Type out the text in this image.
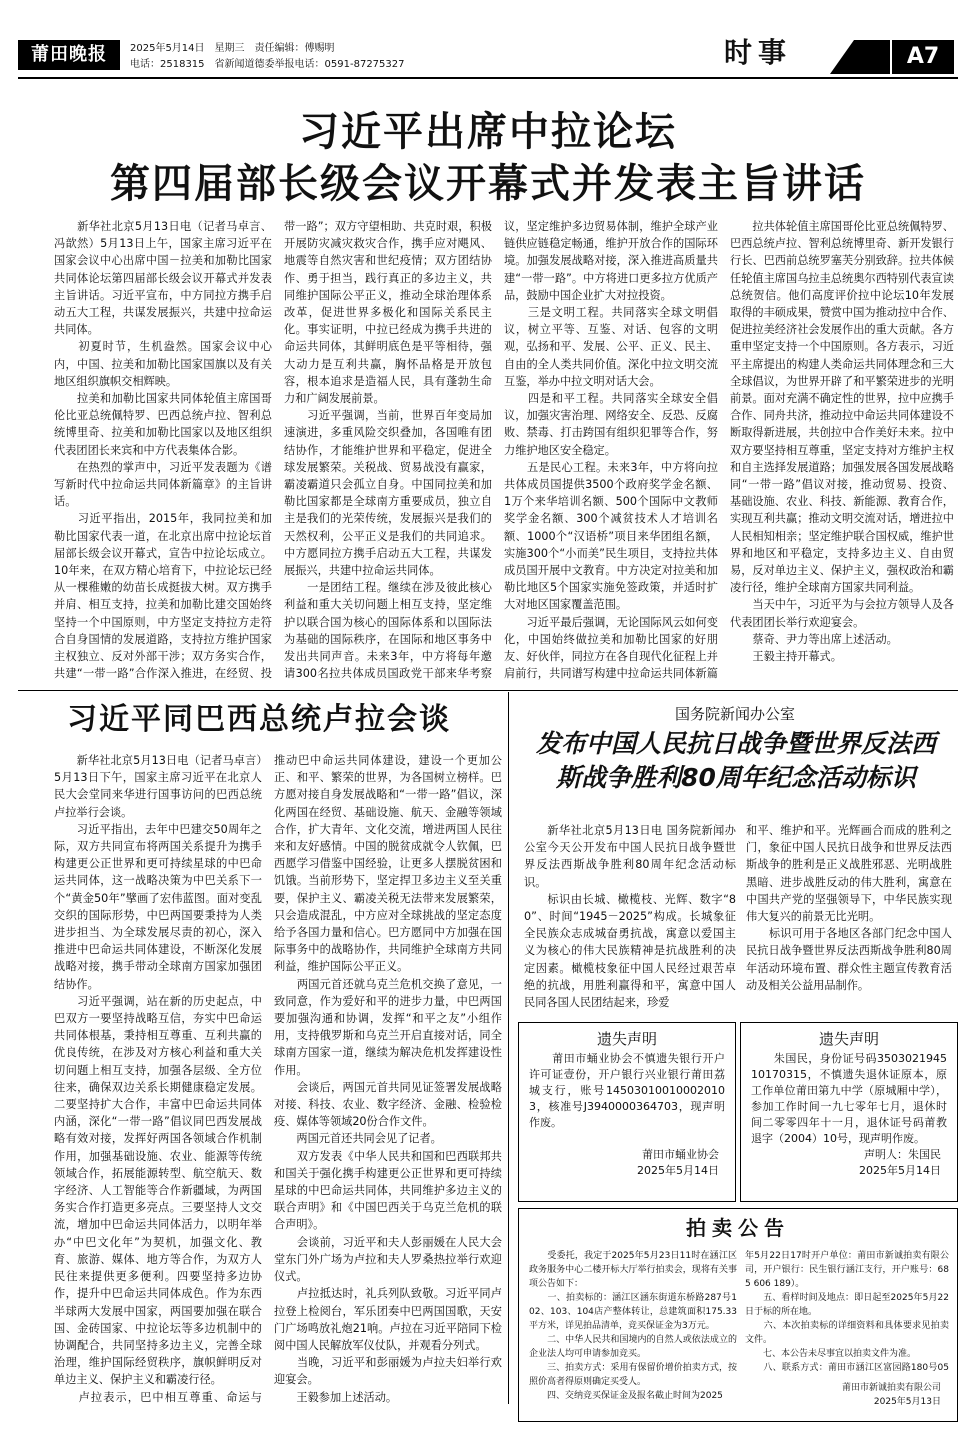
莆田晚报	2025年5月14日　星期三　责任编辑：傅赐明
电话：2518315　省新闻道德委举报电话：0591-87275327	时事	A7
习近平出席中拉论坛
第四届部长级会议开幕式并发表主旨讲话
　　新华社北京5月13日电（记者马卓言、冯歆然）5月13日上午，国家主席习近平在国家会议中心出席中国－拉美和加勒比国家共同体论坛第四届部长级会议开幕式并发表主旨讲话。习近平宣布，中方同拉方携手启动五大工程，共谋发展振兴，共建中拉命运共同体。
　　初夏时节，生机盎然。国家会议中心内，中国、拉美和加勒比国家国旗以及有关地区组织旗帜交相辉映。
　　拉美和加勒比国家共同体轮值主席国哥伦比亚总统佩特罗、巴西总统卢拉、智利总统博里奇、拉美和加勒比国家以及地区组织代表团团长来宾和中方代表集体合影。
　　在热烈的掌声中，习近平发表题为《谱写新时代中拉命运共同体新篇章》的主旨讲话。
　　习近平指出，2015年，我同拉美和加勒比国家代表一道，在北京出席中拉论坛首届部长级会议开幕式，宣告中拉论坛成立。10年来，在双方精心培育下，中拉论坛已经从一棵稚嫩的幼苗长成挺拔大树。双方携手并肩、相互支持，拉美和加勒比建交国始终坚持一个中国原则，中方坚定支持拉方走符合自身国情的发展道路，支持拉方维护国家主权独立、反对外部干涉；双方务实合作，共建“一带一路”合作深入推进，在经贸、投
带一路”；双方守望相助、共克时艰，积极开展防灾减灾救灾合作，携手应对飓风、地震等自然灾害和世纪疫情；双方团结协作、勇于担当，践行真正的多边主义，共同维护国际公平正义，推动全球治理体系改革，促进世界多极化和国际关系民主化。事实证明，中拉已经成为携手共进的命运共同体，其鲜明底色是平等相待，强大动力是互利共赢，胸怀品格是开放包容，根本追求是造福人民，具有蓬勃生命力和广阔发展前景。
　　习近平强调，当前，世界百年变局加速演进，多重风险交织叠加，各国唯有团结协作，才能维护世界和平稳定，促进全球发展繁荣。关税战、贸易战没有赢家，霸凌霸道只会孤立自身。中国同拉美和加勒比国家都是全球南方重要成员，独立自主是我们的光荣传统，发展振兴是我们的天然权利，公平正义是我们的共同追求。中方愿同拉方携手启动五大工程，共谋发展振兴，共建中拉命运共同体。
　　一是团结工程。继续在涉及彼此核心利益和重大关切问题上相互支持，坚定维护以联合国为核心的国际体系和以国际法为基础的国际秩序，在国际和地区事务中发出共同声音。未来3年，中方将每年邀请300名拉共体成员国政党干部来华考察

议，坚定维护多边贸易体制，维护全球产业链供应链稳定畅通，维护开放合作的国际环境。加强发展战略对接，深入推进高质量共建“一带一路”。中方将进口更多拉方优质产品，鼓励中国企业扩大对拉投资。
　　三是文明工程。共同落实全球文明倡议，树立平等、互鉴、对话、包容的文明观，弘扬和平、发展、公平、正义、民主、自由的全人类共同价值。深化中拉文明交流互鉴，举办中拉文明对话大会。
　　四是和平工程。共同落实全球安全倡议，加强灾害治理、网络安全、反恐、反腐败、禁毒、打击跨国有组织犯罪等合作，努力维护地区安全稳定。
　　五是民心工程。未来3年，中方将向拉共体成员国提供3500个政府奖学金名额、1万个来华培训名额、500个国际中文教师奖学金名额、300个减贫技术人才培训名额、1000个“汉语桥”项目来华团组名额，实施300个“小而美”民生项目，支持拉共体成员国开展中文教育。中方决定对拉美和加勒比地区5个国家实施免签政策，并适时扩大对地区国家覆盖范围。
　　习近平最后强调，无论国际风云如何变化，中国始终做拉美和加勒比国家的好朋友、好伙伴，同拉方在各自现代化征程上并肩前行，共同谱写构建中拉命运共同体新篇
　　拉共体轮值主席国哥伦比亚总统佩特罗、巴西总统卢拉、智利总统博里奇、新开发银行行长、巴西前总统罗塞芙分别致辞。拉共体候任轮值主席国乌拉圭总统奥尔西特别代表宣读总统贺信。他们高度评价拉中论坛10年发展取得的丰硕成果，赞赏中国为推动拉中合作、促进拉美经济社会发展作出的重大贡献。各方重申坚定支持一个中国原则。各方表示，习近平主席提出的构建人类命运共同体理念和三大全球倡议，为世界开辟了和平繁荣进步的光明前景。面对充满不确定性的世界，拉中应携手合作、同舟共济，推动拉中命运共同体建设不断取得新进展，共创拉中合作美好未来。拉中双方要坚持相互尊重，坚定支持对方维护主权和自主选择发展道路；加强发展各国发展战略同“一带一路”倡议对接，推动贸易、投资、基础设施、农业、科技、新能源、教育合作，实现互利共赢；推动文明交流对话，增进拉中人民相知相亲；坚定维护联合国权威，维护世界和地区和平稳定，支持多边主义、自由贸易，反对单边主义、保护主义，强权政治和霸凌行径，维护全球南方国家共同利益。
　　当天中午，习近平为与会拉方领导人及各代表团团长举行欢迎宴会。
　　蔡奇、尹力等出席上述活动。
　　王毅主持开幕式。
习近平同巴西总统卢拉会谈
　　新华社北京5月13日电（记者马卓言）5月13日下午，国家主席习近平在北京人民大会堂同来华进行国事访问的巴西总统卢拉举行会谈。
　　习近平指出，去年中巴建交50周年之际，双方共同宣布将两国关系提升为携手构建更公正世界和更可持续星球的中巴命运共同体，这一战略决策为中巴关系下一个“黄金50年”擘画了宏伟蓝图。面对变乱交织的国际形势，中巴两国要秉持为人类进步担当、为全球发展尽责的初心，深入推进中巴命运共同体建设，不断深化发展战略对接，携手带动全球南方国家加强团结协作。
　　习近平强调，站在新的历史起点，中巴双方一要坚持战略互信，夯实中巴命运共同体根基，秉持相互尊重、互利共赢的优良传统，在涉及对方核心利益和重大关切问题上相互支持，加强各层级、全方位往来，确保双边关系长期健康稳定发展。二要坚持扩大合作，丰富中巴命运共同体内涵，深化“一带一路”倡议同巴西发展战略有效对接，发挥好两国各领域合作机制作用，加强基础设施、农业、能源等传统领域合作，拓展能源转型、航空航天、数字经济、人工智能等合作新疆域，为两国务实合作打造更多亮点。三要坚持人文交流，增加中巴命运共同体活力，以明年举办“中巴文化年”为契机，加强文化、教育、旅游、媒体、地方等合作，为双方人民往来提供更多便利。四要坚持多边协作，提升中巴命运共同体成色。作为东西半球两大发展中国家，两国要加强在联合国、金砖国家、中拉论坛等多边机制中的协调配合，共同坚持多边主义，完善全球治理，维护国际经贸秩序，旗帜鲜明反对单边主义、保护主义和霸凌行径。
　　卢拉表示，巴中相互尊重、命运与
推动巴中命运共同体建设，建设一个更加公正、和平、繁荣的世界，为各国树立榜样。巴方愿对接自身发展战略和“一带一路”倡议，深化两国在经贸、基础设施、航天、金融等领域合作，扩大青年、文化交流，增进两国人民往来和友好感情。中国的脱贫成就令人钦佩，巴西愿学习借鉴中国经验，让更多人摆脱贫困和饥饿。当前形势下，坚定捍卫多边主义至关重要，保护主义、霸凌关税无法带来发展繁荣，只会造成混乱，中方应对全球挑战的坚定态度给予各国力量和信心。巴方愿同中方加强在国际事务中的战略协作，共同维护全球南方共同利益，维护国际公平正义。
　　两国元首还就乌克兰危机交换了意见，一致同意，作为爱好和平的进步力量，中巴两国要加强沟通和协调，发挥“和平之友”小组作用，支持俄罗斯和乌克兰开启直接对话，同全球南方国家一道，继续为解决危机发挥建设性作用。
　　会谈后，两国元首共同见证签署发展战略对接、科技、农业、数字经济、金融、检验检疫、媒体等领域20份合作文件。
　　两国元首还共同会见了记者。
　　双方发表《中华人民共和国和巴西联邦共和国关于强化携手构建更公正世界和更可持续星球的中巴命运共同体，共同维护多边主义的联合声明》和《中国巴西关于乌克兰危机的联合声明》。
　　会谈前，习近平和夫人彭丽媛在人民大会堂东门外广场为卢拉和夫人罗桑热拉举行欢迎仪式。
　　卢拉抵达时，礼兵列队致敬。习近平同卢拉登上检阅台，军乐团奏中巴两国国歌，天安门广场鸣放礼炮21响。卢拉在习近平陪同下检阅中国人民解放军仪仗队，并观看分列式。
　　当晚，习近平和彭丽媛为卢拉夫妇举行欢迎宴会。
　　王毅参加上述活动。
国务院新闻办公室
发布中国人民抗日战争暨世界反法西
斯战争胜利80周年纪念活动标识
　　新华社北京5月13日电 国务院新闻办公室今天公开发布中国人民抗日战争暨世界反法西斯战争胜利80周年纪念活动标识。
　　标识由长城、橄榄枝、光辉、数字“80”、时间“1945－2025”构成。长城象征全民族众志成城奋勇抗战，寓意以爱国主义为核心的伟大民族精神是抗战胜利的决定因素。橄榄枝象征中国人民经过艰苦卓绝的抗战，用胜利赢得和平，寓意中国人民同各国人民团结起来，珍爱
和平、维护和平。光辉画合而成的胜利之门，象征中国人民抗日战争和世界反法西斯战争的胜利是正义战胜邪恶、光明战胜黑暗、进步战胜反动的伟大胜利，寓意在中国共产党的坚强领导下，中华民族实现伟大复兴的前景无比光明。
　　标识可用于各地区各部门纪念中国人民抗日战争暨世界反法西斯战争胜利80周年活动环境布置、群众性主题宣传教育活动及相关公益用品制作。
遗失声明
　　莆田市蛹业协会不慎遗失银行开户许可证壹份，开户银行兴业银行莆田荔城支行，账号145030100100020103，核准号J3940000364703，现声明作废。
莆田市蛹业协会
2025年5月14日
遗失声明
　　朱国民，身份证号码350302194510170315，不慎遗失退休证原本，原工作单位莆田第九中学（原城厢中学），参加工作时间一九七零年七月，退休时间二零零四年十一月，退休证号码莆教退字（2004）10号，现声明作废。
声明人：朱国民
2025年5月14日
拍卖公告
　　受委托，我定于2025年5月23日11时在涵江区政务服务中心二楼开标大厅举行拍卖会，现将有关事项公告如下：
　　一、拍卖标的：涵江区涵东街道东桥路287号102、103、104店产整体转让，总建筑面积175.33平方米，详见拍品清单，竞买保证金为3万元。
　　二、中华人民共和国境内的自然人或依法成立的企业法人均可申请参加竞买。
　　三、拍卖方式：采用有保留价增价拍卖方式，按照价高者得原则确定买受人。
　　四、交纳竞买保证金及报名截止时间为2025
年5月22日17时开户单位：莆田市新诚拍卖有限公司，开户银行：民生银行涵江支行，开户账号：685 606 189）。
　　五、看样时间及地点：即日起至2025年5月22日于标的所在地。
　　六、本次拍卖标的详细资料和具体要求见拍卖文件。
　　七、本公告未尽事宜以拍卖文件为准。
　　八、联系方式：莆田市涵江区富园路180号05
莆田市新诚拍卖有限公司
2025年5月13日
